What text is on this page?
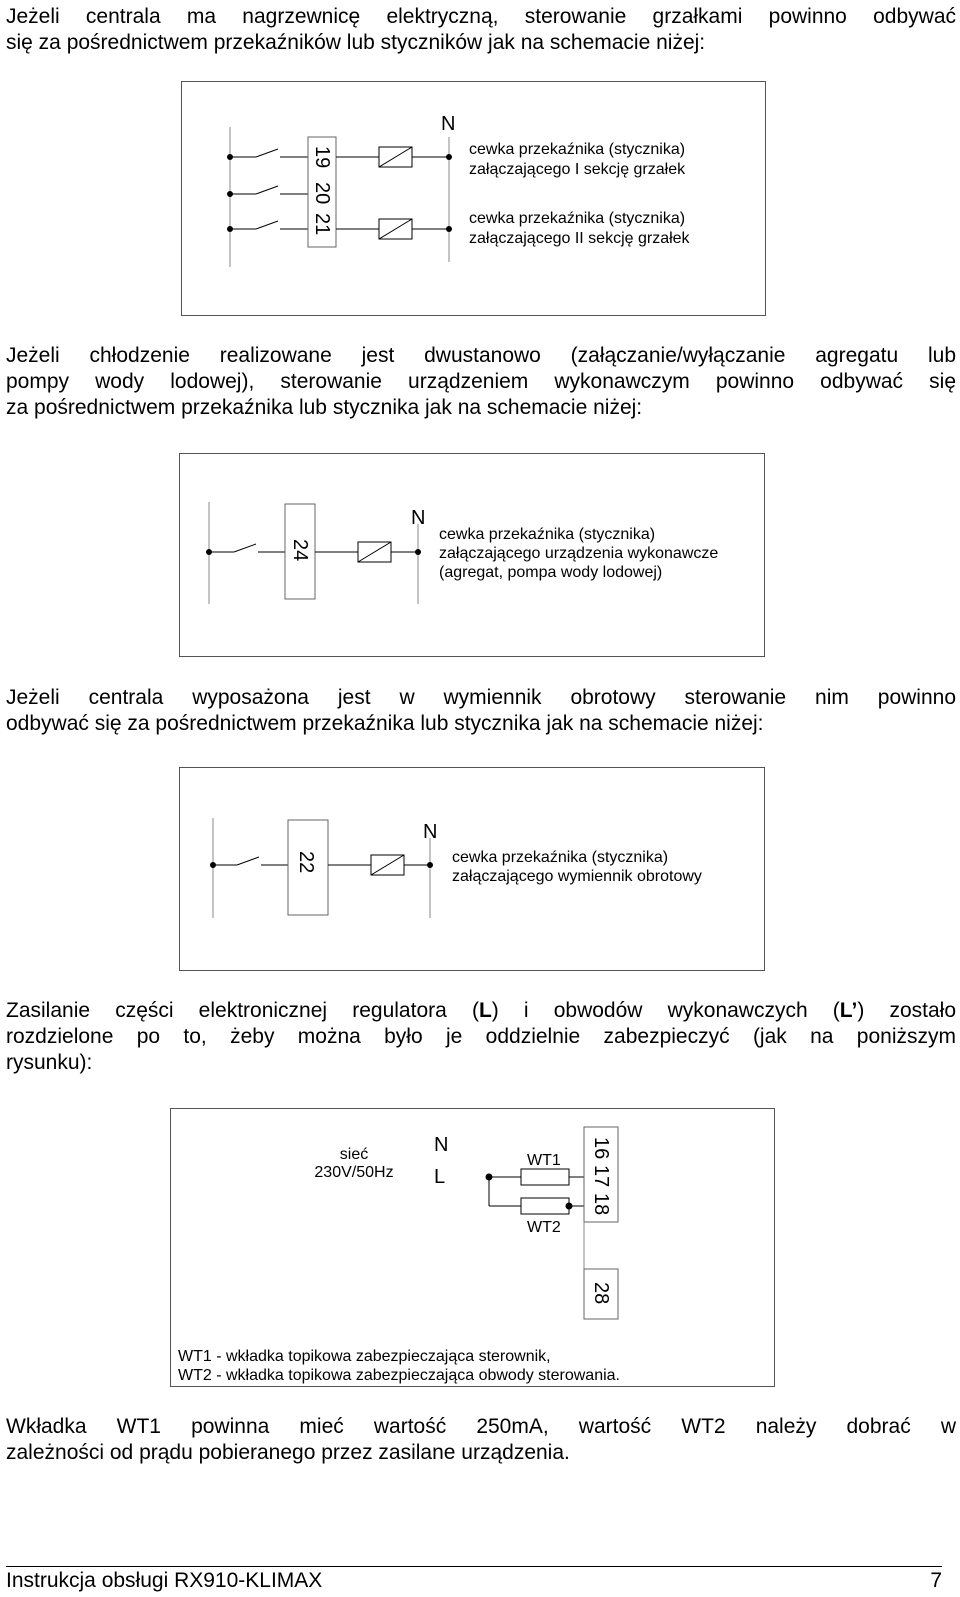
Jeżeli centrala ma nagrzewnicę elektryczną, sterowanie grzałkami powinno odbywać
się za pośrednictwem przekaźników lub styczników jak na schemacie niżej:
N
19
20
21
cewka przekaźnika (stycznika)
załączającego I sekcję grzałek
cewka przekaźnika (stycznika)
załączającego II sekcję grzałek
Jeżeli chłodzenie realizowane jest dwustanowo (załączanie/wyłączanie agregatu lub
pompy wody lodowej), sterowanie urządzeniem wykonawczym powinno odbywać się
za pośrednictwem przekaźnika lub stycznika jak na schemacie niżej:
N
24
cewka przekaźnika (stycznika)
załączającego urządzenia wykonawcze
(agregat, pompa wody lodowej)
Jeżeli centrala wyposażona jest w wymiennik obrotowy sterowanie nim powinno
odbywać się za pośrednictwem przekaźnika lub stycznika jak na schemacie niżej:
N
22	cewka przekaźnika (stycznika)
załączającego wymiennik obrotowy
Zasilanie części elektronicznej regulatora (L) i obwodów wykonawczych (L’) zostało
rozdzielone po to, żeby można było je oddzielnie zabezpieczyć (jak na poniższym
rysunku):
sieć
230V/50Hz
N
L
WT1
WT2
16
17
18
28
WT1 - wkładka topikowa zabezpieczająca sterownik,
WT2 - wkładka topikowa zabezpieczająca obwody sterowania.
Wkładka WT1 powinna mieć wartość 250mA, wartość WT2 należy dobrać w
zależności od prądu pobieranego przez zasilane urządzenia.
Instrukcja obsługi RX910-KLIMAX	7
